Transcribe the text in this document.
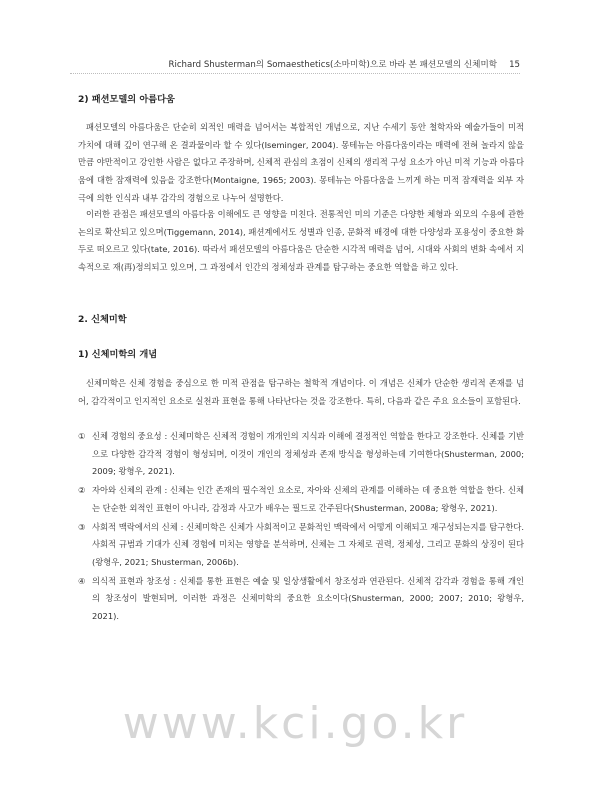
Richard Shusterman의 Somaesthetics(소마미학)으로 바라 본 패션모델의 신체미학 15
2) 패션모델의 아름다움

패션모델의 아름다움은 단순히 외적인 매력을 넘어서는 복합적인 개념으로, 지난 수세기 동안 철학자와 예술가들이 미적 가치에 대해 깊이 연구해 온 결과물이라 할 수 있다(Iseminger, 2004). 몽테뉴는 아름다움이라는 매력에 전혀 놀라지 않을 만큼 야만적이고 강인한 사람은 없다고 주장하며, 신체적 관심의 초점이 신체의 생리적 구성 요소가 아닌 미적 기능과 아름다움에 대한 잠재력에 있음을 강조한다(Montaigne, 1965; 2003). 몽테뉴는 아름다움을 느끼게 하는 미적 잠재력을 외부 자극에 의한 인식과 내부 감각의 경험으로 나누어 설명한다.

이러한 관점은 패션모델의 아름다움 이해에도 큰 영향을 미친다. 전통적인 미의 기준은 다양한 체형과 외모의 수용에 관한 논의로 확산되고 있으며(Tiggemann, 2014), 패션계에서도 성별과 인종, 문화적 배경에 대한 다양성과 포용성이 중요한 화두로 떠오르고 있다(tate, 2016). 따라서 패션모델의 아름다움은 단순한 시각적 매력을 넘어, 시대와 사회의 변화 속에서 지속적으로 재(再)정의되고 있으며, 그 과정에서 인간의 정체성과 관계를 탐구하는 중요한 역할을 하고 있다.

2. 신체미학
1) 신체미학의 개념

신체미학은 신체 경험을 중심으로 한 미적 관점을 탐구하는 철학적 개념이다. 이 개념은 신체가 단순한 생리적 존재를 넘어, 감각적이고 인지적인 요소로 실천과 표현을 통해 나타난다는 것을 강조한다. 특히, 다음과 같은 주요 요소들이 포함된다.

① 신체 경험의 중요성 : 신체미학은 신체적 경험이 개개인의 지식과 이해에 결정적인 역할을 한다고 강조한다. 신체를 기반으로 다양한 감각적 경험이 형성되며, 이것이 개인의 정체성과 존재 방식을 형성하는데 기여한다(Shusterman, 2000; 2009; 왕형우, 2021).
② 자아와 신체의 관계 : 신체는 인간 존재의 필수적인 요소로, 자아와 신체의 관계를 이해하는 데 중요한 역할을 한다. 신체는 단순한 외적인 표현이 아니라, 감정과 사고가 배우는 필드로 간주된다(Shusterman, 2008a; 왕형우, 2021).
③ 사회적 맥락에서의 신체 : 신체미학은 신체가 사회적이고 문화적인 맥락에서 어떻게 이해되고 재구성되는지를 탐구한다. 사회적 규범과 기대가 신체 경험에 미치는 영향을 분석하며, 신체는 그 자체로 권력, 정체성, 그리고 문화의 상징이 된다(왕형우, 2021; Shusterman, 2006b).
④ 의식적 표현과 창조성 : 신체를 통한 표현은 예술 및 일상생활에서 창조성과 연관된다. 신체적 감각과 경험을 통해 개인의 창조성이 발현되며, 이러한 과정은 신체미학의 중요한 요소이다(Shusterman, 2000; 2007; 2010; 왕형우, 2021).
www.kci.go.kr
